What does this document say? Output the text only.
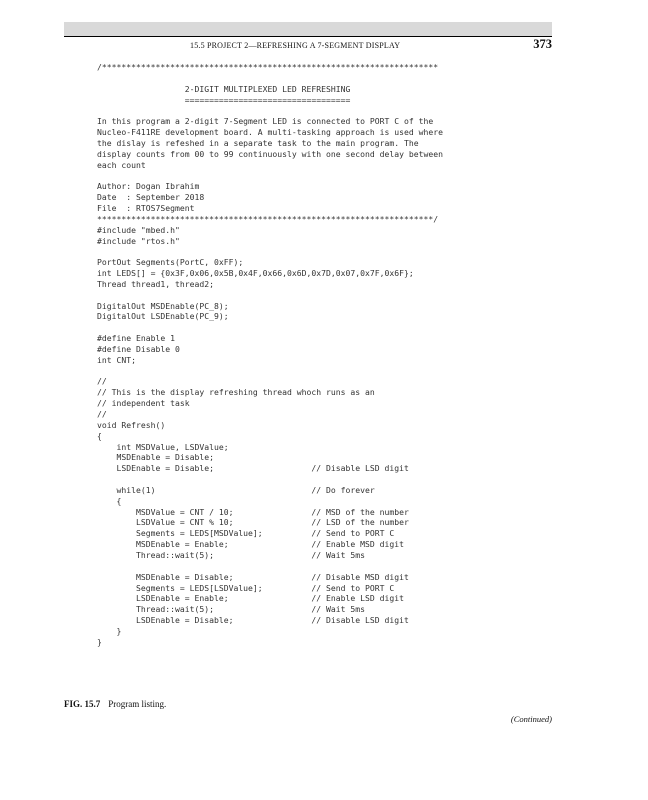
15.5 PROJECT 2—REFRESHING A 7-SEGMENT DISPLAY	373
/*********************************************************************
2-DIGIT MULTIPLEXED LED REFRESHING
==================================
In this program a 2-digit 7-Segment LED is connected to PORT C of the
Nucleo-F411RE development board. A multi-tasking approach is used where
the dislay is refeshed in a separate task to the main program. The
display counts from 00 to 99 continuously with one second delay between
each count
Author: Dogan Ibrahim
Date  : September 2018
File  : RTOS7Segment
*********************************************************************/
#include "mbed.h"
#include "rtos.h"
PortOut Segments(PortC, 0xFF);
int LEDS[] = {0x3F,0x06,0x5B,0x4F,0x66,0x6D,0x7D,0x07,0x7F,0x6F};
Thread thread1, thread2;
DigitalOut MSDEnable(PC_8);
DigitalOut LSDEnable(PC_9);
#define Enable 1
#define Disable 0
int CNT;
//
// This is the display refreshing thread whoch runs as an
// independent task
//
void Refresh()
{
int MSDValue, LSDValue;
MSDEnable = Disable;
LSDEnable = Disable;                    // Disable LSD digit
while(1)                                // Do forever
{
MSDValue = CNT / 10;                // MSD of the number
LSDValue = CNT % 10;                // LSD of the number
Segments = LEDS[MSDValue];          // Send to PORT C
MSDEnable = Enable;                 // Enable MSD digit
Thread::wait(5);                    // Wait 5ms
MSDEnable = Disable;                // Disable MSD digit
Segments = LEDS[LSDValue];          // Send to PORT C
LSDEnable = Enable;                 // Enable LSD digit
Thread::wait(5);                    // Wait 5ms
LSDEnable = Disable;                // Disable LSD digit
}
}
FIG. 15.7 Program listing.
(Continued)
